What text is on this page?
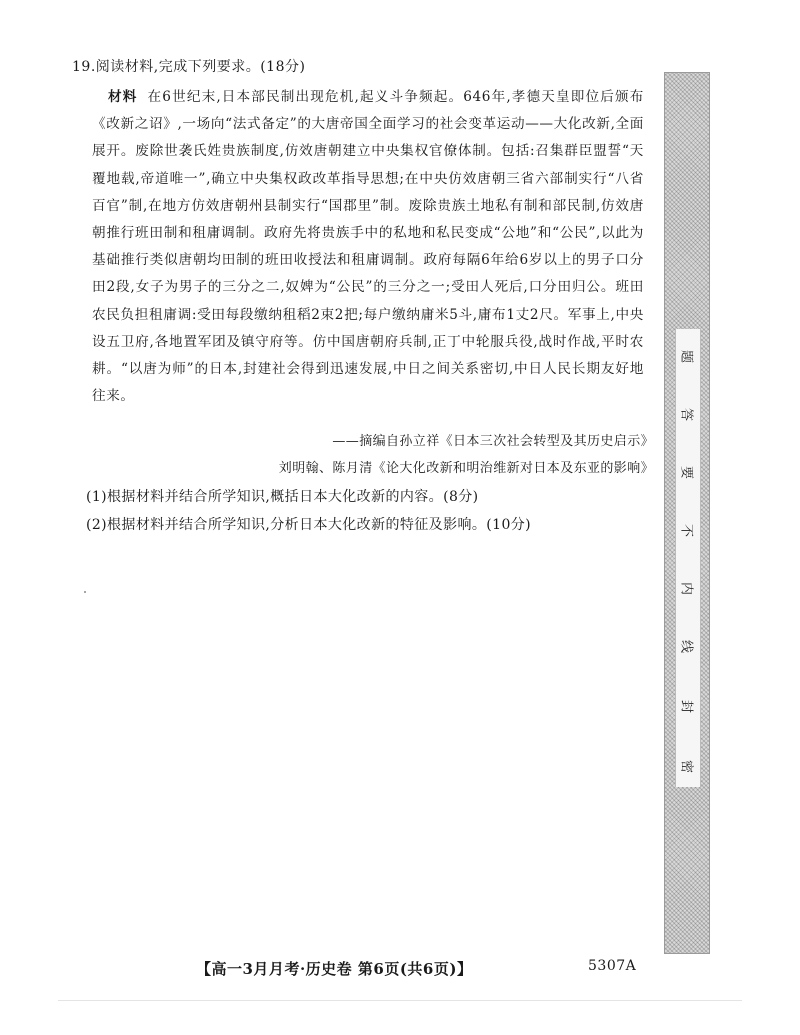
19.阅读材料,完成下列要求。(18分)
材料 在6世纪末,日本部民制出现危机,起义斗争频起。646年,孝德天皇即位后颁布《改新之诏》,一场向“法式备定”的大唐帝国全面学习的社会变革运动——大化改新,全面展开。废除世袭氏姓贵族制度,仿效唐朝建立中央集权官僚体制。包括:召集群臣盟誓“天覆地载,帝道唯一”,确立中央集权政改革指导思想;在中央仿效唐朝三省六部制实行“八省百官”制,在地方仿效唐朝州县制实行“国郡里”制。废除贵族土地私有制和部民制,仿效唐朝推行班田制和租庸调制。政府先将贵族手中的私地和私民变成“公地”和“公民”,以此为基础推行类似唐朝均田制的班田收授法和租庸调制。政府每隔6年给6岁以上的男子口分田2段,女子为男子的三分之二,奴婢为“公民”的三分之一;受田人死后,口分田归公。班田农民负担租庸调:受田每段缴纳租稻2束2把;每户缴纳庸米5斗,庸布1丈2尺。军事上,中央设五卫府,各地置军团及镇守府等。仿中国唐朝府兵制,正丁中轮服兵役,战时作战,平时农耕。“以唐为师”的日本,封建社会得到迅速发展,中日之间关系密切,中日人民长期友好地往来。
——摘编自孙立祥《日本三次社会转型及其历史启示》
刘明翰、陈月清《论大化改新和明治维新对日本及东亚的影响》
(1)根据材料并结合所学知识,概括日本大化改新的内容。(8分)
(2)根据材料并结合所学知识,分析日本大化改新的特征及影响。(10分)
密
封
线
内
不
要
答
题
【高一3月月考·历史卷 第6页(共6页)】	5307A
